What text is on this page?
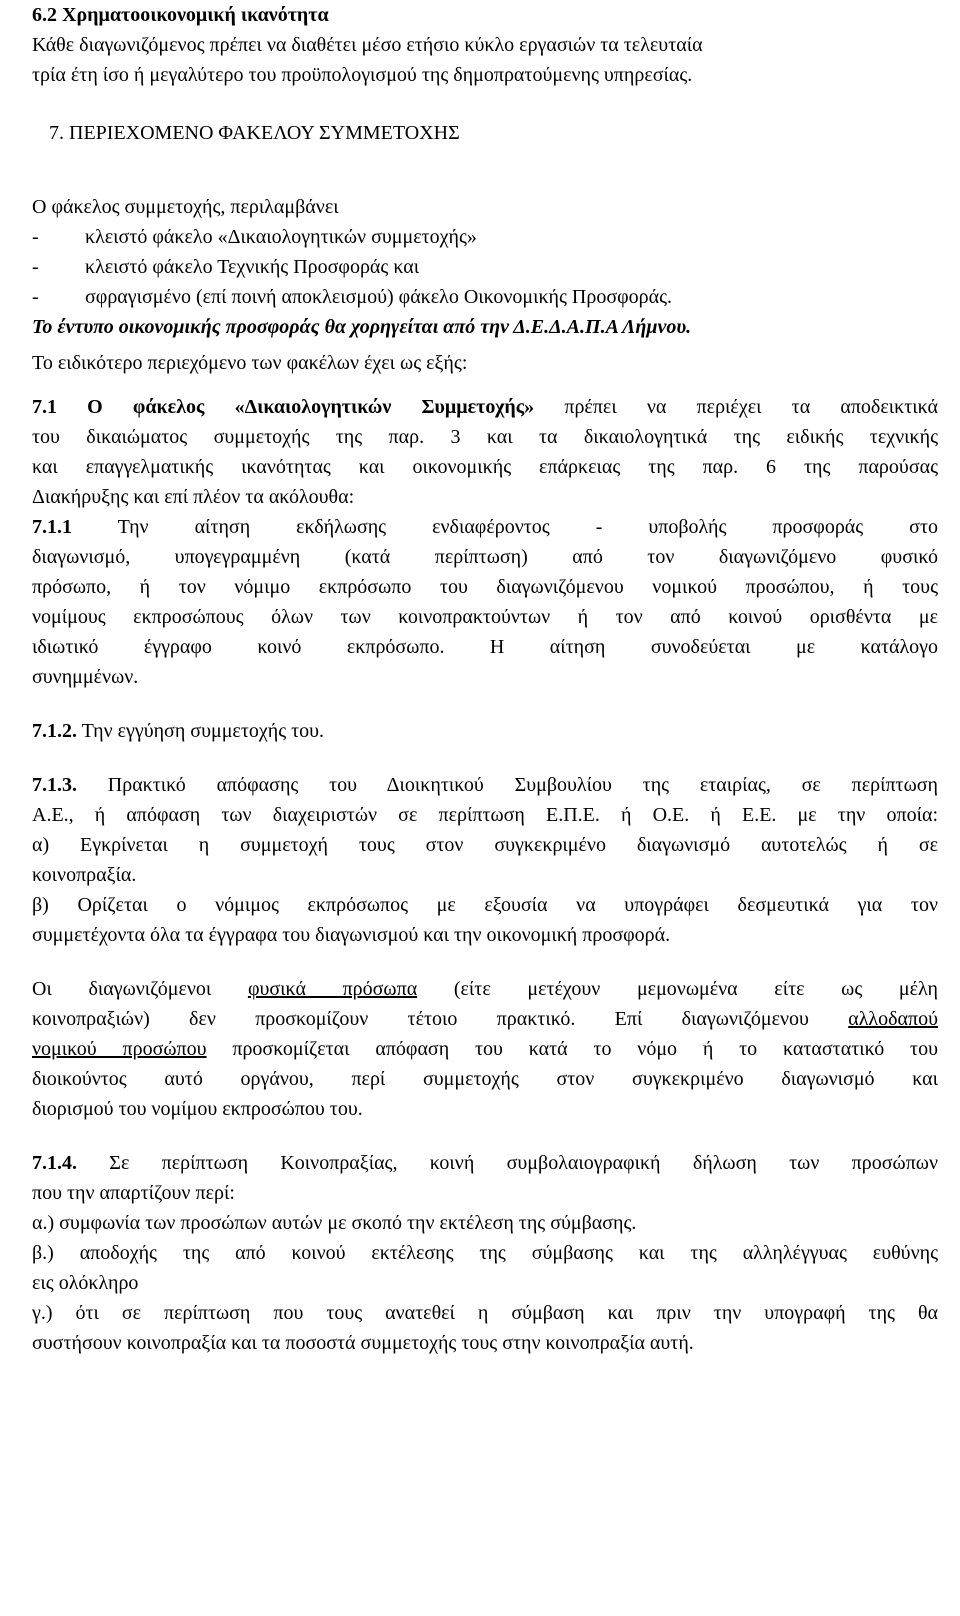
6.2 Χρηματοοικονομική ικανότητα
Κάθε διαγωνιζόμενος πρέπει να διαθέτει μέσο ετήσιο κύκλο εργασιών τα τελευταία
τρία έτη ίσο ή μεγαλύτερο του προϋπολογισμού της δημοπρατούμενης υπηρεσίας.
7. ΠΕΡΙΕΧΟΜΕΝΟ ΦΑΚΕΛΟΥ ΣΥΜΜΕΤΟΧΗΣ
Ο φάκελος συμμετοχής, περιλαμβάνει
-	κλειστό φάκελο «Δικαιολογητικών συμμετοχής»
-	κλειστό φάκελο Τεχνικής Προσφοράς και
-	σφραγισμένο (επί ποινή αποκλεισμού) φάκελο Οικονομικής Προσφοράς.
Το έντυπο οικονομικής προσφοράς θα χορηγείται από την Δ.Ε.Δ.Α.Π.Α Λήμνου.
Το ειδικότερο περιεχόμενο των φακέλων έχει ως εξής:
7.1 Ο φάκελος «Δικαιολογητικών Συμμετοχής» πρέπει να περιέχει τα αποδεικτικά
του δικαιώματος συμμετοχής της παρ. 3 και τα δικαιολογητικά της ειδικής τεχνικής
και επαγγελματικής ικανότητας και οικονομικής επάρκειας της παρ. 6 της παρούσας
Διακήρυξης και επί πλέον τα ακόλουθα:
7.1.1 Την αίτηση εκδήλωσης ενδιαφέροντος - υποβολής προσφοράς στο
διαγωνισμό, υπογεγραμμένη (κατά περίπτωση) από τον διαγωνιζόμενο φυσικό
πρόσωπο, ή τον νόμιμο εκπρόσωπο του διαγωνιζόμενου νομικού προσώπου, ή τους
νομίμους εκπροσώπους όλων των κοινοπρακτούντων ή τον από κοινού ορισθέντα με
ιδιωτικό έγγραφο κοινό εκπρόσωπο. Η αίτηση συνοδεύεται με κατάλογο
συνημμένων.
7.1.2. Την εγγύηση συμμετοχής του.
7.1.3. Πρακτικό απόφασης του Διοικητικού Συμβουλίου της εταιρίας, σε περίπτωση
Α.Ε., ή απόφαση των διαχειριστών σε περίπτωση Ε.Π.Ε. ή Ο.Ε. ή Ε.Ε. με την οποία:
α) Εγκρίνεται η συμμετοχή τους στον συγκεκριμένο διαγωνισμό αυτοτελώς ή σε
κοινοπραξία.
β) Ορίζεται ο νόμιμος εκπρόσωπος με εξουσία να υπογράφει δεσμευτικά για τον
συμμετέχοντα όλα τα έγγραφα του διαγωνισμού και την οικονομική προσφορά.
Οι διαγωνιζόμενοι φυσικά πρόσωπα (είτε μετέχουν μεμονωμένα είτε ως μέλη
κοινοπραξιών) δεν προσκομίζουν τέτοιο πρακτικό. Επί διαγωνιζόμενου αλλοδαπού
νομικού προσώπου προσκομίζεται απόφαση του κατά το νόμο ή το καταστατικό του
διοικούντος αυτό οργάνου, περί συμμετοχής στον συγκεκριμένο διαγωνισμό και
διορισμού του νομίμου εκπροσώπου του.
7.1.4. Σε περίπτωση Κοινοπραξίας, κοινή συμβολαιογραφική δήλωση των προσώπων
που την απαρτίζουν περί:
α.) συμφωνία των προσώπων αυτών με σκοπό την εκτέλεση της σύμβασης.
β.) αποδοχής της από κοινού εκτέλεσης της σύμβασης και της αλληλέγγυας ευθύνης
εις ολόκληρο
γ.) ότι σε περίπτωση που τους ανατεθεί η σύμβαση και πριν την υπογραφή της θα
συστήσουν κοινοπραξία και τα ποσοστά συμμετοχής τους στην κοινοπραξία αυτή.
